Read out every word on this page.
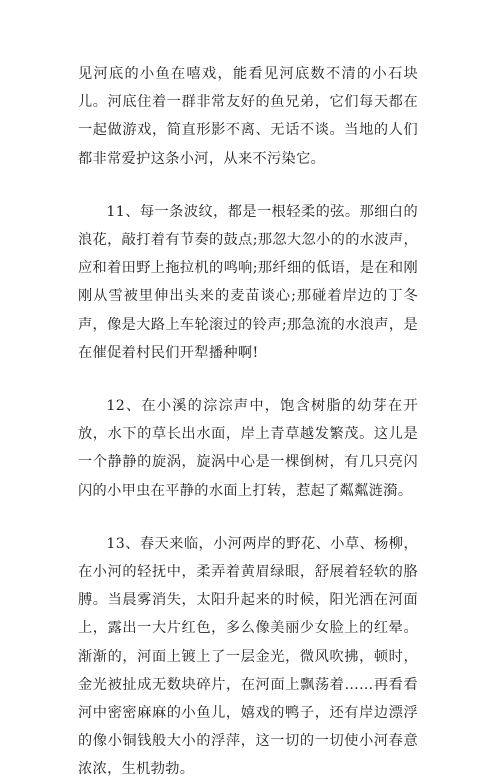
见河底的小鱼在嘻戏，能看见河底数不清的小石块儿。河底住着一群非常友好的鱼兄弟，它们每天都在一起做游戏，简直形影不离、无话不谈。当地的人们都非常爱护这条小河，从来不污染它。

11、每一条波纹，都是一根轻柔的弦。那细白的浪花，敲打着有节奏的鼓点;那忽大忽小的的水波声，应和着田野上拖拉机的鸣响;那纤细的低语，是在和刚刚从雪被里伸出头来的麦苗谈心;那碰着岸边的丁冬声，像是大路上车轮滚过的铃声;那急流的水浪声，是在催促着村民们开犁播种啊!

12、在小溪的淙淙声中，饱含树脂的幼芽在开放，水下的草长出水面，岸上青草越发繁茂。这儿是一个静静的旋涡，旋涡中心是一棵倒树，有几只亮闪闪的小甲虫在平静的水面上打转，惹起了粼粼涟漪。

13、春天来临，小河两岸的野花、小草、杨柳，在小河的轻抚中，柔弄着黄眉绿眼，舒展着轻软的胳膊。当晨雾消失，太阳升起来的时候，阳光洒在河面上，露出一大片红色，多么像美丽少女脸上的红晕。渐渐的，河面上镀上了一层金光，微风吹拂，顿时，金光被扯成无数块碎片，在河面上飘荡着……再看看河中密密麻麻的小鱼儿，嬉戏的鸭子，还有岸边漂浮的像小铜钱般大小的浮萍，这一切的一切使小河春意浓浓，生机勃勃。
